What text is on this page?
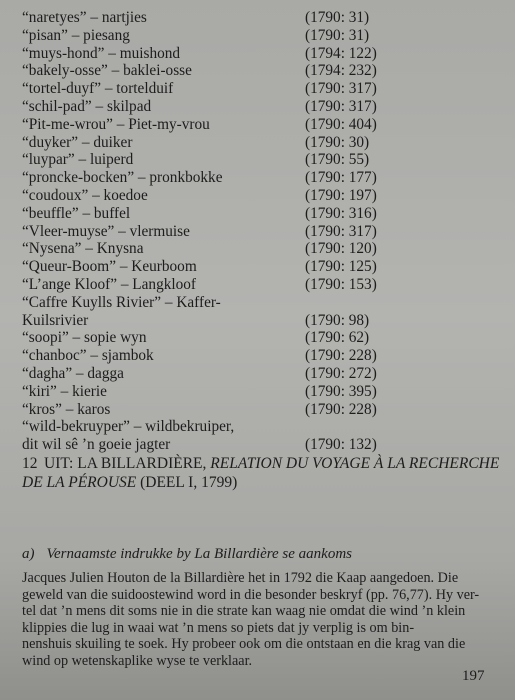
“naretyes” – nartjies	(1790: 31)
“pisan” – piesang	(1790: 31)
“muys-hond” – muishond	(1794: 122)
“bakely-osse” – baklei-osse	(1794: 232)
“tortel-duyf” – tortelduif	(1790: 317)
“schil-pad” – skilpad	(1790: 317)
“Pit-me-wrou” – Piet-my-vrou	(1790: 404)
“duyker” – duiker	(1790: 30)
“luypar” – luiperd	(1790: 55)
“proncke-bocken” – pronkbokke	(1790: 177)
“coudoux” – koedoe	(1790: 197)
“beuffle” – buffel	(1790: 316)
“Vleer-muyse” – vlermuise	(1790: 317)
“Nysena” – Knysna	(1790: 120)
“Queur-Boom” – Keurboom	(1790: 125)
“L’ange Kloof” – Langkloof	(1790: 153)
“Caffre Kuylls Rivier” – Kaffer-
Kuilsrivier	(1790: 98)
“soopi” – sopie wyn	(1790: 62)
“chanboc” – sjambok	(1790: 228)
“dagha” – dagga	(1790: 272)
“kiri” – kierie	(1790: 395)
“kros” – karos	(1790: 228)
“wild-bekruyper” – wildbekruiper,
dit wil sê ’n goeie jagter	(1790: 132)
12 UIT: LA BILLARDIÈRE, RELATION DU VOYAGE À LA RECHERCHE
DE LA PÉROUSE (DEEL I, 1799)
a) Vernaamste indrukke by La Billardière se aankoms
Jacques Julien Houton de la Billardière het in 1792 die Kaap aangedoen. Die
geweld van die suidoostewind word in die besonder beskryf (pp. 76,77). Hy ver-
tel dat ’n mens dit soms nie in die strate kan waag nie omdat die wind ’n klein
klippies die lug in waai wat ’n mens so piets dat jy verplig is om bin-
nenshuis skuiling te soek. Hy probeer ook om die ontstaan en die krag van die
wind op wetenskaplike wyse te verklaar.
197
